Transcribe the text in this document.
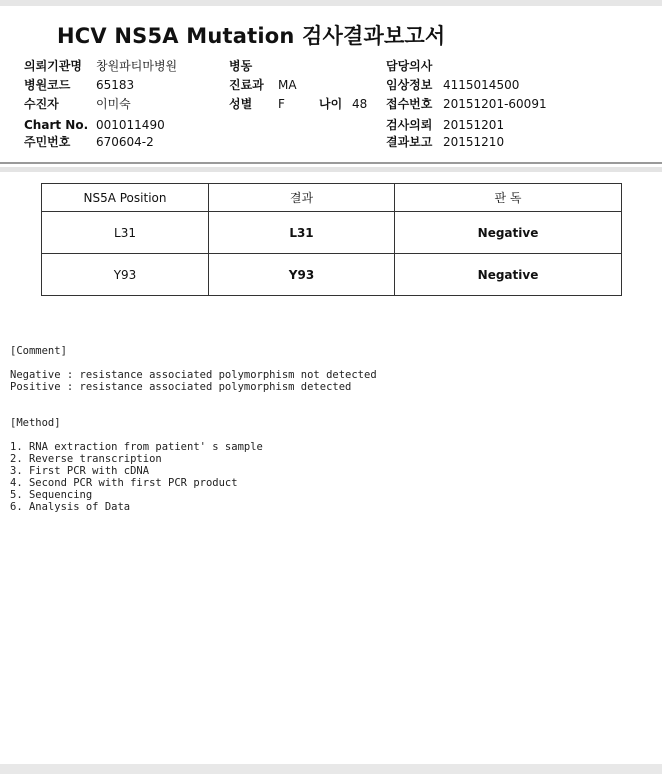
HCV NS5A Mutation 검사결과보고서
의뢰기관명 창원파티마병원	병동	담당의사
병원코드 65183	진료과 MA	임상정보 4115014500
수진자	이미숙	성별 F	나이 48 접수번호 20151201-60091
Chart No. 001011490	검사의뢰 20151201
주민번호 670604-2	결과보고 20151210
NS5A Position	결과	판 독
L31	L31	Negative
Y93	Y93	Negative
[Comment]
Negative : resistance associated polymorphism not detected
Positive : resistance associated polymorphism detected
[Method]
1. RNA extraction from patient' s sample
2. Reverse transcription
3. First PCR with cDNA
4. Second PCR with first PCR product
5. Sequencing
6. Analysis of Data
